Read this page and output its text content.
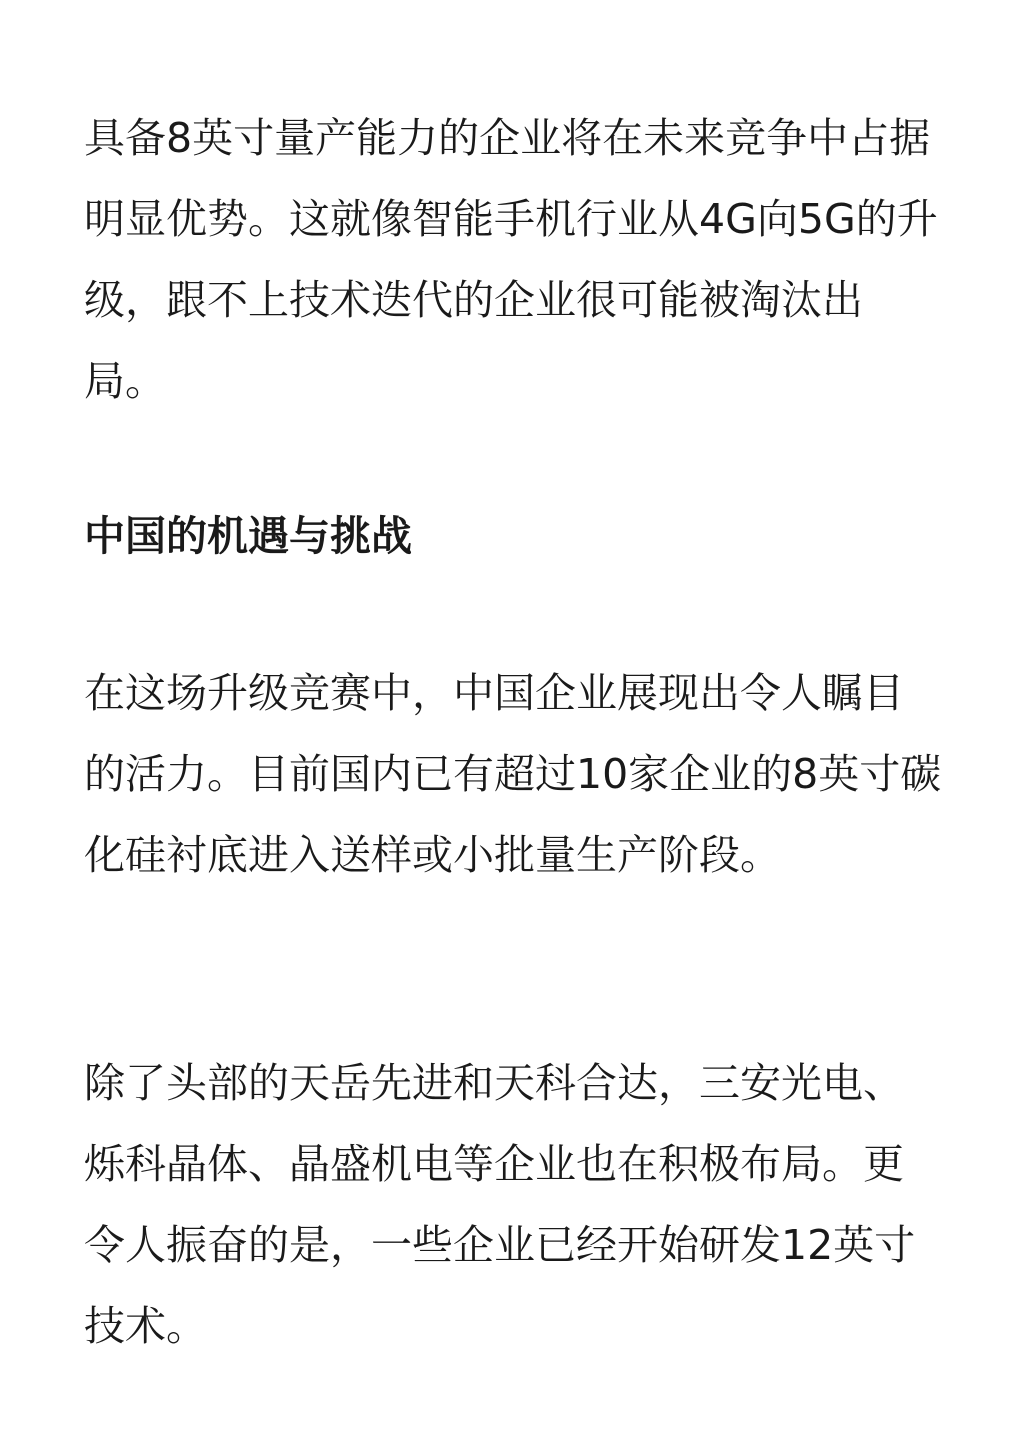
具备8英寸量产能力的企业将在未来竞争中占据明显优势。这就像智能手机行业从4G向5G的升级，跟不上技术迭代的企业很可能被淘汰出局。

中国的机遇与挑战

在这场升级竞赛中，中国企业展现出令人瞩目的活力。目前国内已有超过10家企业的8英寸碳化硅衬底进入送样或小批量生产阶段。

除了头部的天岳先进和天科合达，三安光电、烁科晶体、晶盛机电等企业也在积极布局。更令人振奋的是，一些企业已经开始研发12英寸技术。
